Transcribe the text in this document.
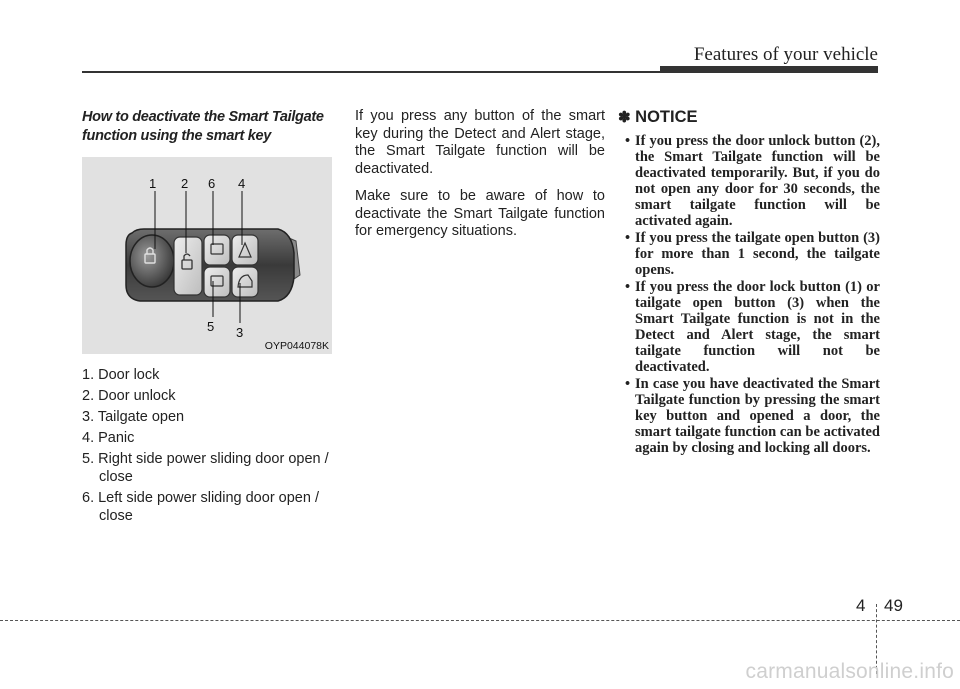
Features of your vehicle
How to deactivate the Smart Tailgate function using the smart key
1 2 6 4
5 3
OYP044078K
1. Door lock
2. Door unlock
3. Tailgate open
4. Panic
5. Right side power sliding door open / close
6. Left side power sliding door open / close

If you press any button of the smart key during the Detect and Alert stage, the Smart Tailgate function will be deactivated.

Make sure to be aware of how to deactivate the Smart Tailgate function for emergency situations.

✽ NOTICE
• If you press the door unlock button (2), the Smart Tailgate function will be deactivated temporarily. But, if you do not open any door for 30 seconds, the smart tailgate function will be activated again.
• If you press the tailgate open button (3) for more than 1 second, the tailgate opens.
• If you press the door lock button (1) or tailgate open button (3) when the Smart Tailgate function is not in the Detect and Alert stage, the smart tailgate function will not be deactivated.
• In case you have deactivated the Smart Tailgate function by pressing the smart key button and opened a door, the smart tailgate function can be activated again by closing and locking all doors.
4 49
carmanualsonline.info
